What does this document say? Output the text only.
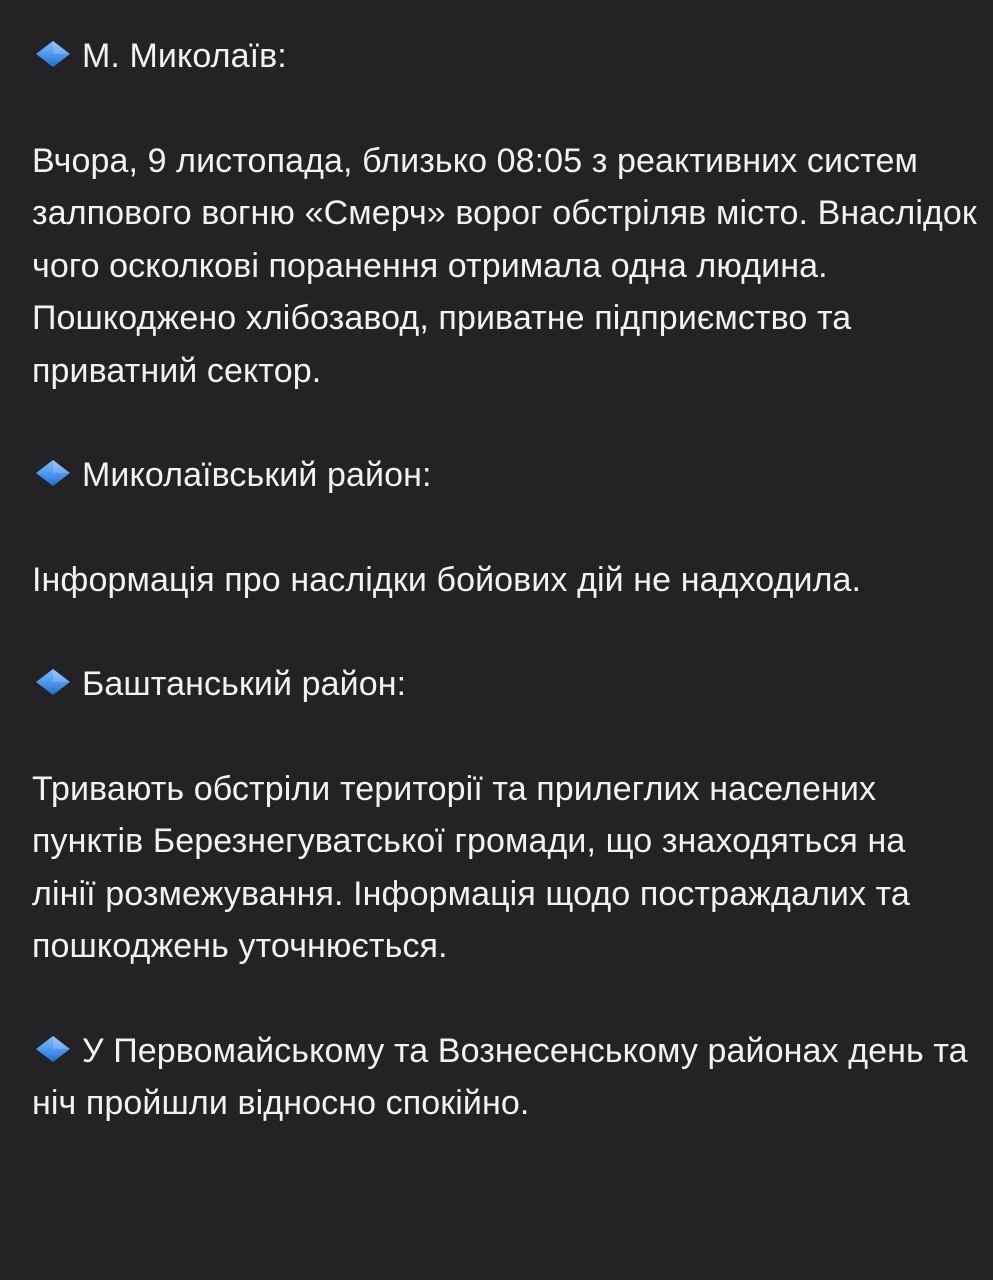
М. Миколаїв:
Вчора, 9 листопада, близько 08:05 з реактивних систем залпового вогню «Смерч» ворог обстріляв місто. Внаслідок чого осколкові поранення отримала одна людина. Пошкоджено хлібозавод, приватне підприємство та приватний сектор.
Миколаївський район:
Інформація про наслідки бойових дій не надходила.
Баштанський район:
Тривають обстріли території та прилеглих населених пунктів Березнегуватської громади, що знаходяться на лінії розмежування. Інформація щодо постраждалих та пошкоджень уточнюється.
У Первомайському та Вознесенському районах день та ніч пройшли відносно спокійно.
